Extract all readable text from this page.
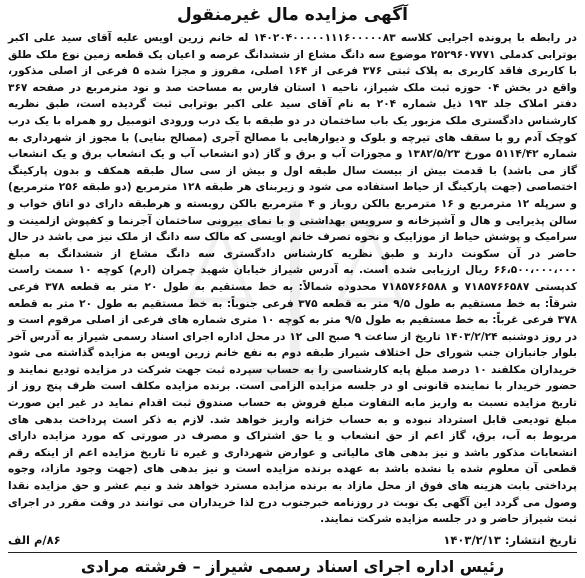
آگهی مزایده مال غیرمنقول

در رابطه با پرونده اجرایی کلاسه ۱۴۰۲۰۴۰۰۰۰۰۱۱۱۶۰۰۰۰۰۸۳ له خانم زرین اویس علیه آقای سید علی اکبر بوترابی کدملی ۲۵۲۹۶۰۷۷۷۱ موضوع سه دانگ مشاع از ششدانگ عرصه و اعیان یک قطعه زمین نوع ملک طلق با کاربری فاقد کاربری به پلاک ثبتی ۳۷۶ فرعی از ۱۶۴ اصلی، مفروز و مجزا شده ۵ فرعی از اصلی مذکور، واقع در بخش ۰۴ حوزه ثبت ملک شیراز، ناحیه ۱ استان فارس به مساحت صد و نود مترمربع در صفحه ۳۶۷ دفتر املاک جلد ۱۹۳ ذیل شماره ۲۰۴ به نام آقای سید علی اکبر بوترابی ثبت گردیده است، طبق نظریه کارشناس دادگستری ملک مزبور یک باب ساختمان در دو طبقه با یک درب ورودی اتومبیل رو همراه با یک درب کوچک آدم رو با سقف های تیرچه و بلوک و دیوارهایی با مصالح آجری (مصالح بنایی) با مجوز از شهرداری به شماره ۵۱۱۴/۴۲ مورخ ۱۳۸۲/۵/۲۳ و مجوزات آب و برق و گاز (دو انشعاب آب و یک انشعاب برق و یک انشعاب گاز می باشد) با قدمت بیش از بیست سال طبقه اول و بیش از سی سال طبقه همکف و بدون پارکینگ اختصاصی (جهت پارکینگ از حیاط استفاده می شود و زیربنای هر طبقه ۱۲۸ مترمربع (دو طبقه ۲۵۶ مترمربع) و سرپله ۱۲ مترمربع و ۱۶ مترمربع بالکن روباز و ۴ مترمربع بالکن روبسته و هرطبقه دارای دو اتاق خواب و سالن پذیرایی و هال و آشپزخانه و سرویس بهداشتی و با نمای بیرونی ساختمان آجرنما و کفپوش ازلمینت و سرامیک و پوشش حیاط از موزاییک و نحوه تصرف خانم اویسی که مالک سه دانگ از ملک نیز می باشد در حال حاضر در آن سکونت دارند و طبق نظریه کارشناس دادگستری سه دانگ مشاع از ششدانگ به مبلغ ۶۶،۵۰۰،۰۰۰،۰۰۰ ریال ارزیابی شده است. به آدرس شیراز خیابان شهید چمران (ارم) کوچه ۱۰ سمت راست کدپستی ۷۱۸۵۷۶۶۵۸۷ و ۷۱۸۵۷۶۶۵۸۸ محدوده شمالاً: به خط مستقیم به طول ۲۰ متر به قطعه ۳۷۸ فرعی شرقاً: به خط مستقیم به طول ۹/۵ متر به قطعه ۳۷۵ فرعی جنوباً: به خط مستقیم به طول ۲۰ متر به قطعه ۳۷۸ فرعی غرباً: به خط مستقیم به طول ۹/۵ متر به کوچه ۱۰ متری شماره های فرعی از اصلی مرقوم است و در روز دوشنبه ۱۴۰۳/۲/۲۴ تاریخ از ساعت ۹ صبح الی ۱۲ در محل اداره اجرای اسناد رسمی شیراز به آدرس آخر بلوار جانبازان جنب شورای حل اختلاف شیراز طبقه دوم به نفع خانم زرین اویس به مزایده گذاشته می شود خریداران مکلفند ۱۰ درصد مبلغ پایه کارشناسی را به حساب سپرده ثبت جهت شرکت در مزایده تودیع نمایند و حضور خریدار با نماینده قانونی او در جلسه مزایده الزامی است. برنده مزایده مکلف است ظرف پنج روز از تاریخ مزایده نسبت به واریز مابه التفاوت مبلغ فروش به حساب صندوق ثبت اقدام نماید در غیر این صورت مبلغ تودیعی قابل استرداد نبوده و به حساب خزانه واریز خواهد شد. لازم به ذکر است پرداخت بدهی های مربوط به آب، برق، گاز اعم از حق انشعاب و یا حق اشتراک و مصرف در صورتی که مورد مزایده دارای انشعابات مذکور باشد و نیز بدهی های مالیاتی و عوارض شهرداری و غیره تا تاریخ مزایده اعم از اینکه رقم قطعی آن معلوم شده یا نشده باشد به عهده برنده مزایده است و نیز بدهی های (جهت وجود مازاد، وجوه پرداختی بابت هزینه های فوق از محل مازاد به برنده مزایده مسترد خواهد شد و نیم عشر و حق مزایده نقدا وصول می گردد این آگهی یک نوبت در روزنامه خبرجنوب درج لذا خریداران می توانند در وقت مقرر در اجرای ثبت شیراز حاضر و در جلسه مزایده شرکت نمایند.

تاریخ انتشار: ۱۴۰۳/۲/۱۳
۸۶/م الف
رئیس اداره اجرای اسناد رسمی شیراز – فرشته مرادی
